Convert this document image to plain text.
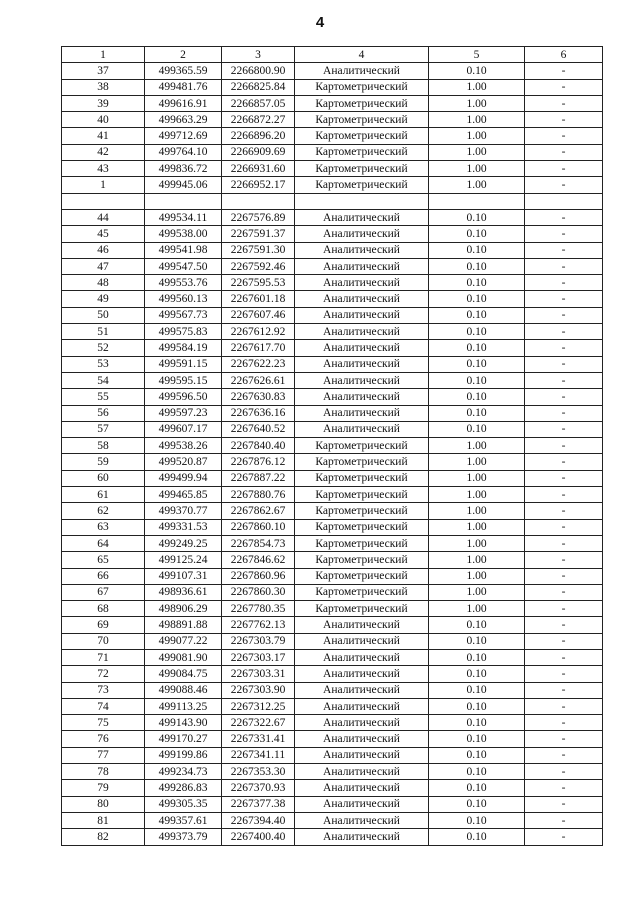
4
1	2	3	4	5	6
37	499365.59	2266800.90	Аналитический	0.10	-
38	499481.76	2266825.84	Картометрический	1.00	-
39	499616.91	2266857.05	Картометрический	1.00	-
40	499663.29	2266872.27	Картометрический	1.00	-
41	499712.69	2266896.20	Картометрический	1.00	-
42	499764.10	2266909.69	Картометрический	1.00	-
43	499836.72	2266931.60	Картометрический	1.00	-
1	499945.06	2266952.17	Картометрический	1.00	-

44	499534.11	2267576.89	Аналитический	0.10	-
45	499538.00	2267591.37	Аналитический	0.10	-
46	499541.98	2267591.30	Аналитический	0.10	-
47	499547.50	2267592.46	Аналитический	0.10	-
48	499553.76	2267595.53	Аналитический	0.10	-
49	499560.13	2267601.18	Аналитический	0.10	-
50	499567.73	2267607.46	Аналитический	0.10	-
51	499575.83	2267612.92	Аналитический	0.10	-
52	499584.19	2267617.70	Аналитический	0.10	-
53	499591.15	2267622.23	Аналитический	0.10	-
54	499595.15	2267626.61	Аналитический	0.10	-
55	499596.50	2267630.83	Аналитический	0.10	-
56	499597.23	2267636.16	Аналитический	0.10	-
57	499607.17	2267640.52	Аналитический	0.10	-
58	499538.26	2267840.40	Картометрический	1.00	-
59	499520.87	2267876.12	Картометрический	1.00	-
60	499499.94	2267887.22	Картометрический	1.00	-
61	499465.85	2267880.76	Картометрический	1.00	-
62	499370.77	2267862.67	Картометрический	1.00	-
63	499331.53	2267860.10	Картометрический	1.00	-
64	499249.25	2267854.73	Картометрический	1.00	-
65	499125.24	2267846.62	Картометрический	1.00	-
66	499107.31	2267860.96	Картометрический	1.00	-
67	498936.61	2267860.30	Картометрический	1.00	-
68	498906.29	2267780.35	Картометрический	1.00	-
69	498891.88	2267762.13	Аналитический	0.10	-
70	499077.22	2267303.79	Аналитический	0.10	-
71	499081.90	2267303.17	Аналитический	0.10	-
72	499084.75	2267303.31	Аналитический	0.10	-
73	499088.46	2267303.90	Аналитический	0.10	-
74	499113.25	2267312.25	Аналитический	0.10	-
75	499143.90	2267322.67	Аналитический	0.10	-
76	499170.27	2267331.41	Аналитический	0.10	-
77	499199.86	2267341.11	Аналитический	0.10	-
78	499234.73	2267353.30	Аналитический	0.10	-
79	499286.83	2267370.93	Аналитический	0.10	-
80	499305.35	2267377.38	Аналитический	0.10	-
81	499357.61	2267394.40	Аналитический	0.10	-
82	499373.79	2267400.40	Аналитический	0.10	-
